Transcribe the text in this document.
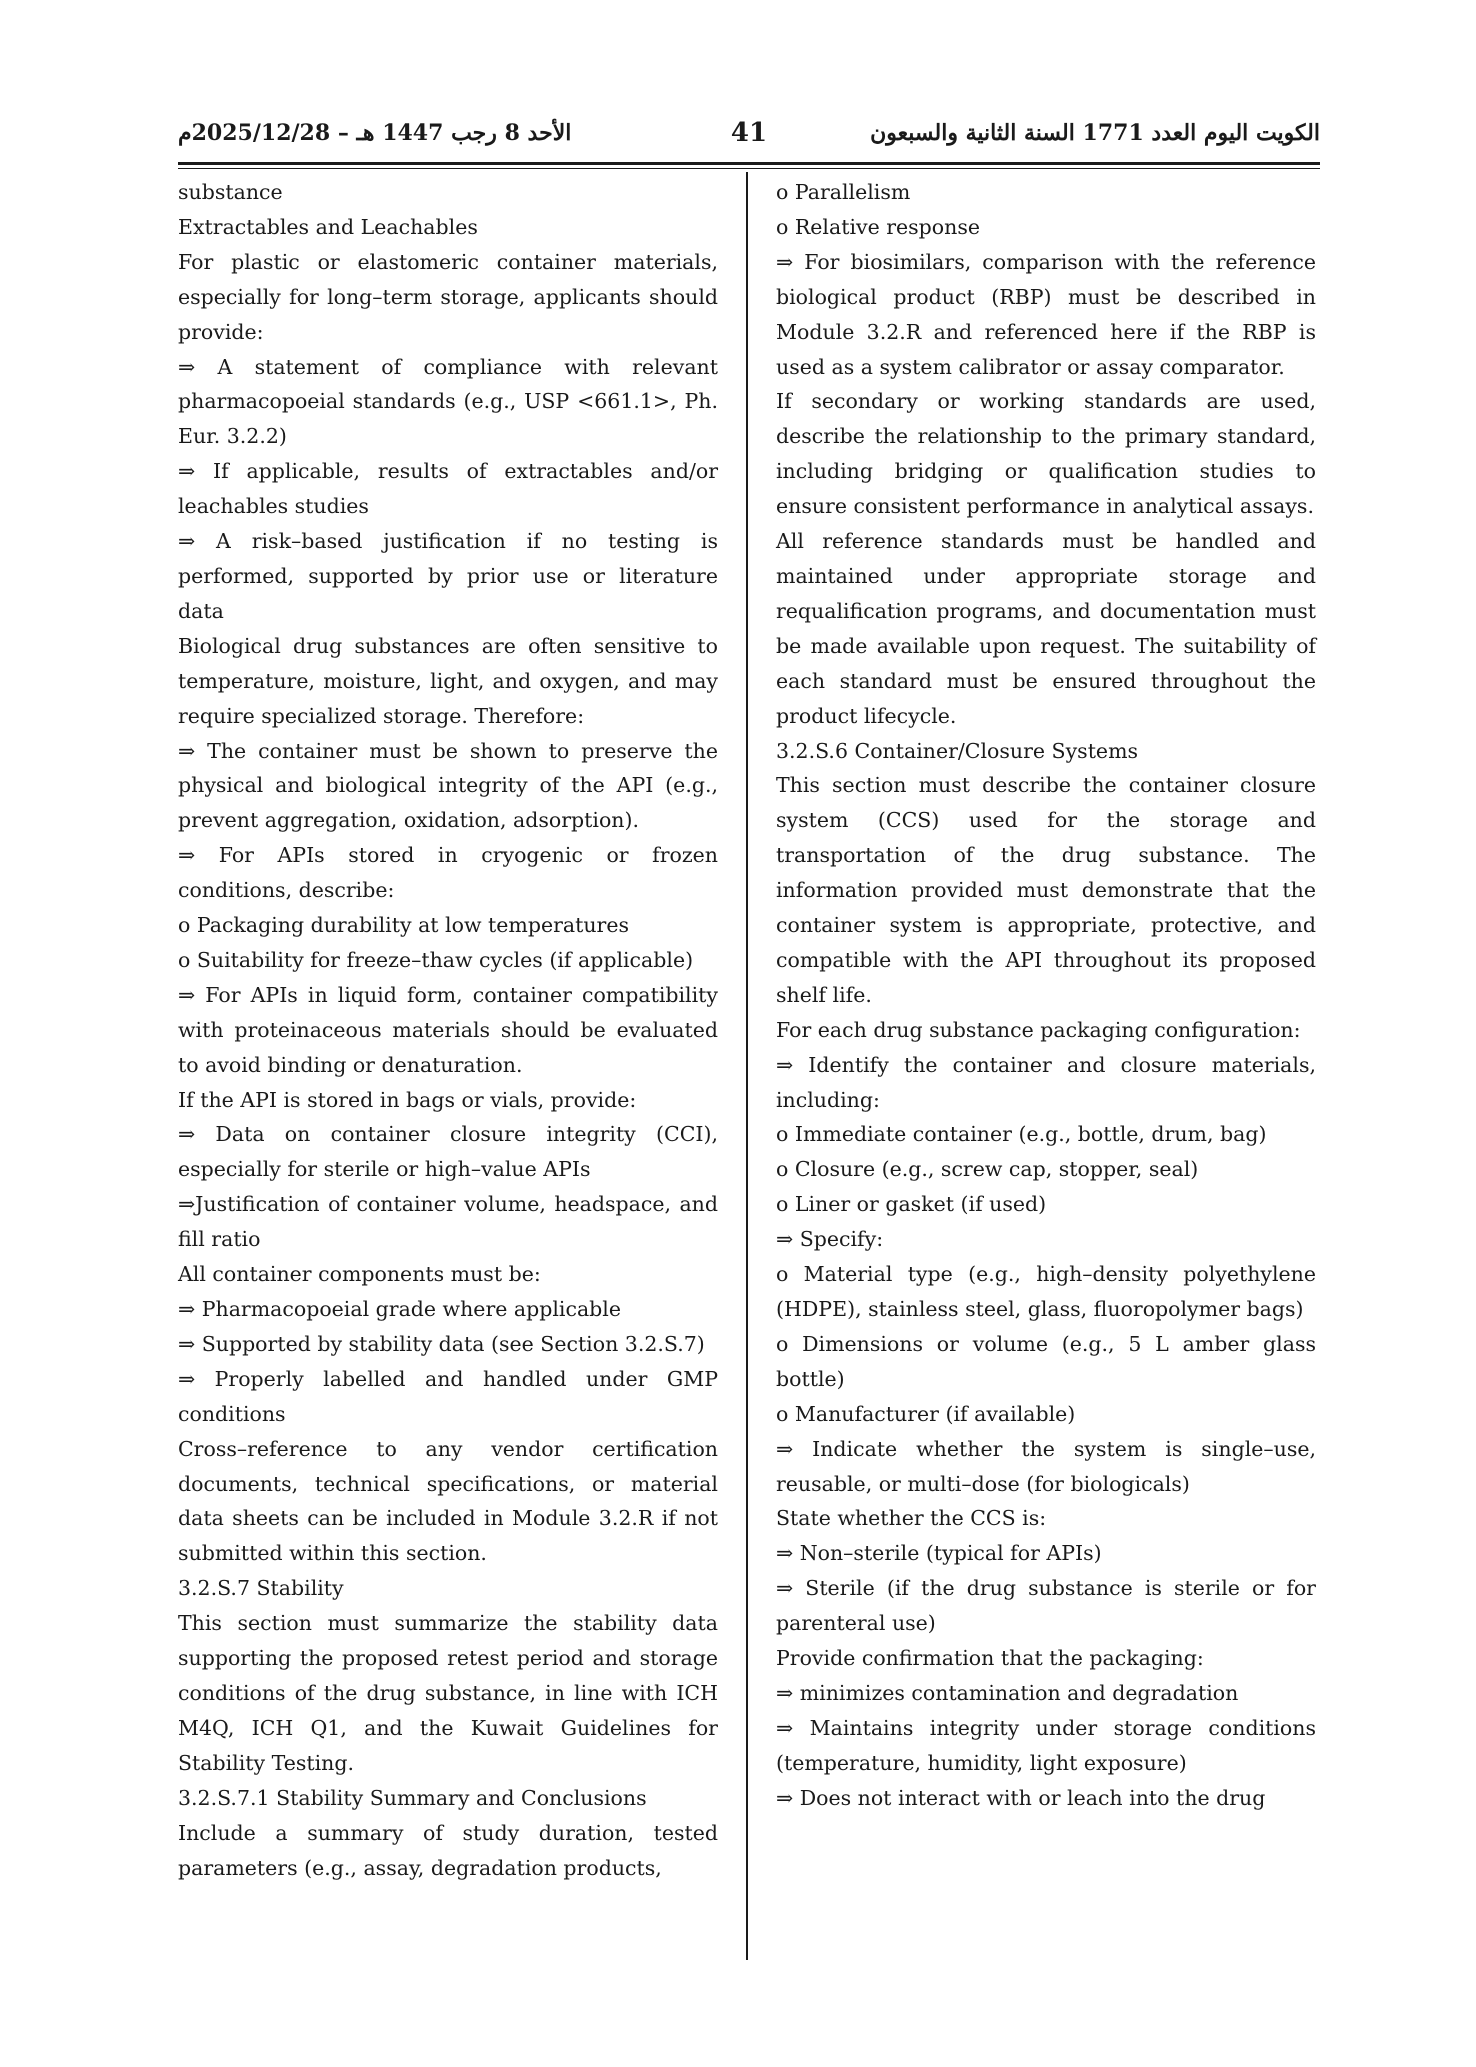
الأحد 8 رجب 1447 هـ – 2025/12/28م	41	الكويت اليوم العدد 1771 السنة الثانية والسبعون

substance

Extractables and Leachables

For plastic or elastomeric container materials, especially for long–term storage, applicants should provide:

⇒ A statement of compliance with relevant pharmacopoeial standards (e.g., USP <661.1>, Ph. Eur. 3.2.2)

⇒ If applicable, results of extractables and/or leachables studies

⇒ A risk–based justification if no testing is performed, supported by prior use or literature data

Biological drug substances are often sensitive to temperature, moisture, light, and oxygen, and may require specialized storage. Therefore:

⇒ The container must be shown to preserve the physical and biological integrity of the API (e.g., prevent aggregation, oxidation, adsorption).

⇒ For APIs stored in cryogenic or frozen conditions, describe:

ο Packaging durability at low temperatures

ο Suitability for freeze–thaw cycles (if applicable)

⇒ For APIs in liquid form, container compatibility with proteinaceous materials should be evaluated to avoid binding or denaturation.

If the API is stored in bags or vials, provide:

⇒ Data on container closure integrity (CCI), especially for sterile or high–value APIs

⇒Justification of container volume, headspace, and fill ratio

All container components must be:

⇒ Pharmacopoeial grade where applicable

⇒ Supported by stability data (see Section 3.2.S.7)

⇒ Properly labelled and handled under GMP conditions

Cross–reference to any vendor certification documents, technical specifications, or material data sheets can be included in Module 3.2.R if not submitted within this section.

3.2.S.7 Stability

This section must summarize the stability data supporting the proposed retest period and storage conditions of the drug substance, in line with ICH M4Q, ICH Q1, and the Kuwait Guidelines for Stability Testing.

3.2.S.7.1 Stability Summary and Conclusions

Include a summary of study duration, tested parameters (e.g., assay, degradation products,

ο Parallelism

ο Relative response

⇒ For biosimilars, comparison with the reference biological product (RBP) must be described in Module 3.2.R and referenced here if the RBP is used as a system calibrator or assay comparator.

If secondary or working standards are used, describe the relationship to the primary standard, including bridging or qualification studies to ensure consistent performance in analytical assays.

All reference standards must be handled and maintained under appropriate storage and requalification programs, and documentation must be made available upon request. The suitability of each standard must be ensured throughout the product lifecycle.

3.2.S.6 Container/Closure Systems

This section must describe the container closure system (CCS) used for the storage and transportation of the drug substance. The information provided must demonstrate that the container system is appropriate, protective, and compatible with the API throughout its proposed shelf life.

For each drug substance packaging configuration:

⇒ Identify the container and closure materials, including:

ο Immediate container (e.g., bottle, drum, bag)

ο Closure (e.g., screw cap, stopper, seal)

ο Liner or gasket (if used)

⇒ Specify:

ο Material type (e.g., high–density polyethylene (HDPE), stainless steel, glass, fluoropolymer bags)

ο Dimensions or volume (e.g., 5 L amber glass bottle)

ο Manufacturer (if available)

⇒ Indicate whether the system is single–use, reusable, or multi–dose (for biologicals)

State whether the CCS is:

⇒ Non–sterile (typical for APIs)

⇒ Sterile (if the drug substance is sterile or for parenteral use)

Provide confirmation that the packaging:

⇒ minimizes contamination and degradation

⇒ Maintains integrity under storage conditions (temperature, humidity, light exposure)

⇒ Does not interact with or leach into the drug
